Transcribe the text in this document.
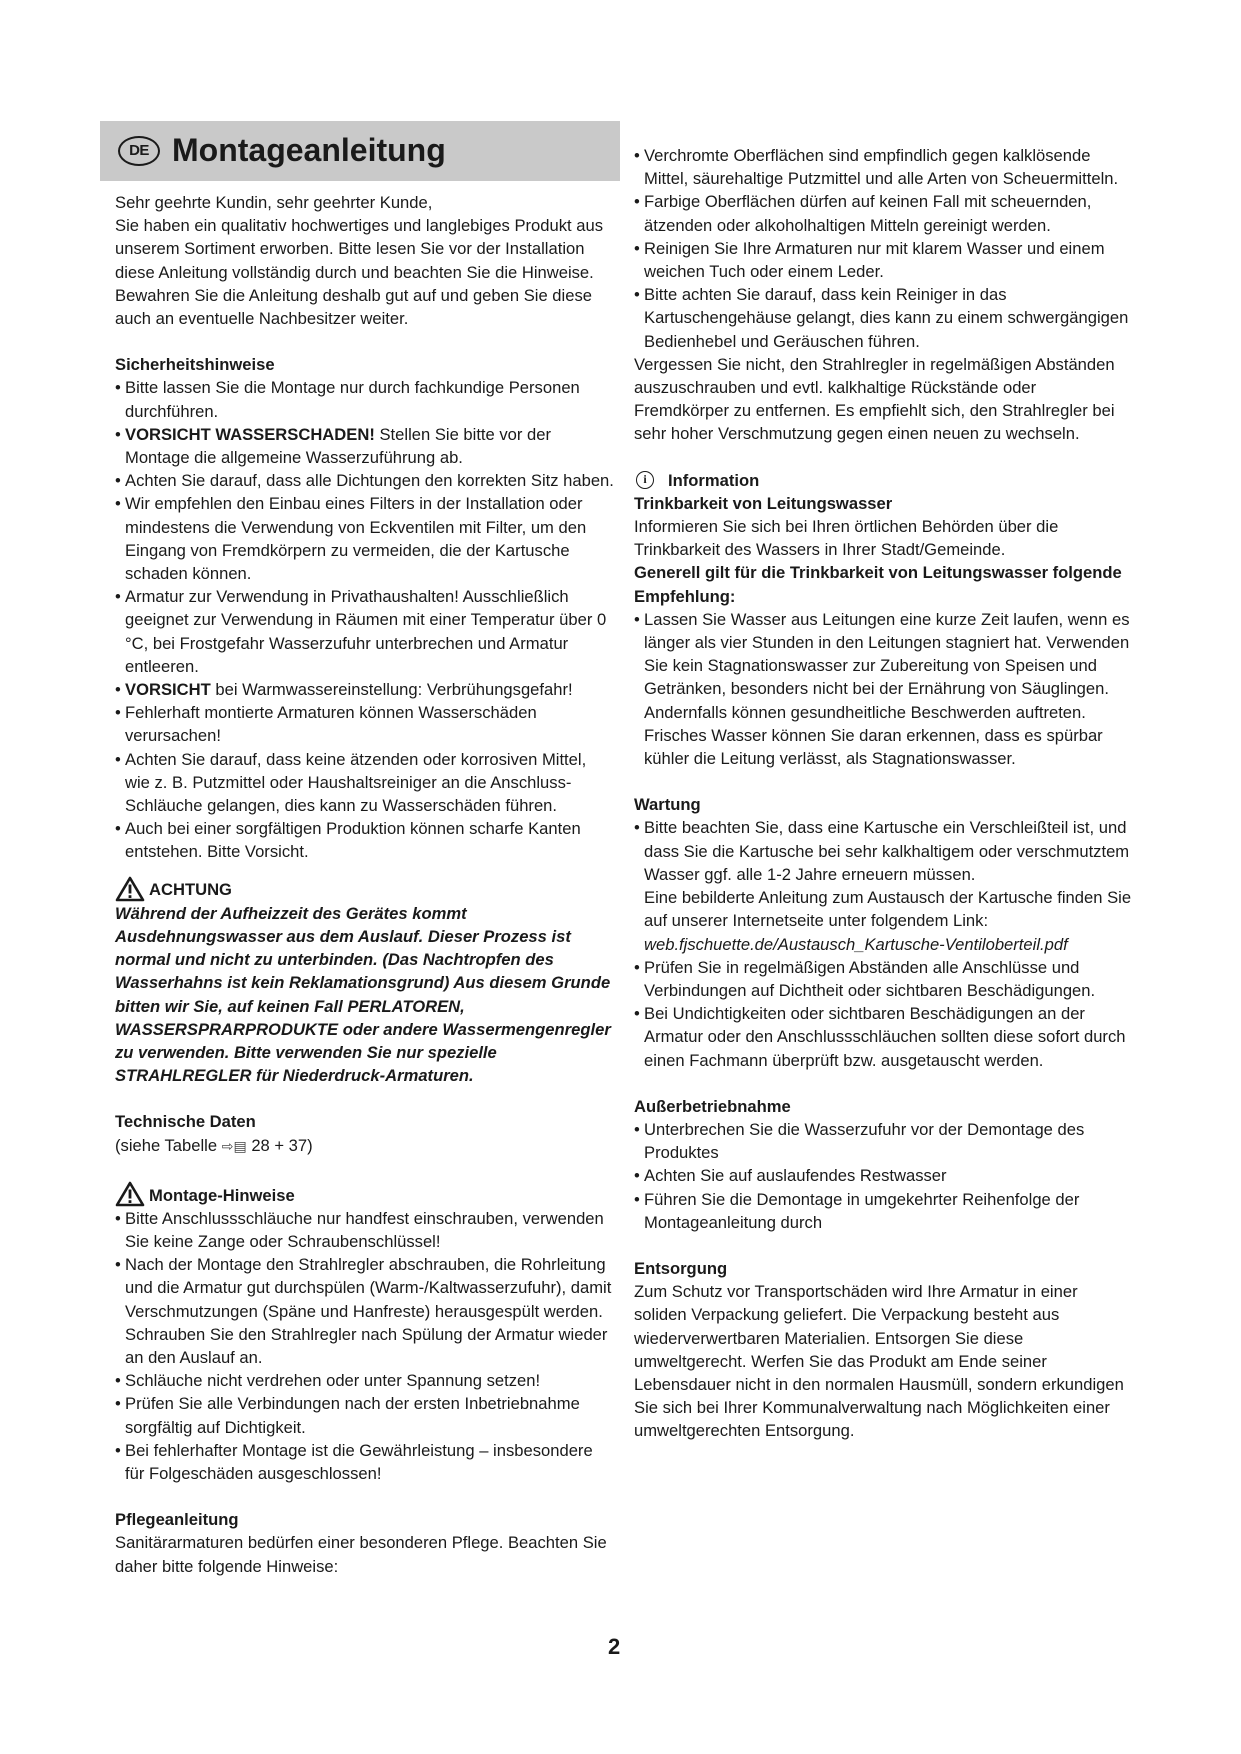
DE Montageanleitung

Sehr geehrte Kundin, sehr geehrter Kunde,

Sie haben ein qualitativ hochwertiges und langlebiges Produkt aus unserem Sortiment erworben. Bitte lesen Sie vor der Installation diese Anleitung vollständig durch und beachten Sie die Hinweise.

Bewahren Sie die Anleitung deshalb gut auf und geben Sie diese auch an eventuelle Nachbesitzer weiter.

Sicherheitshinweise

• Bitte lassen Sie die Montage nur durch fachkundige Personen durchführen.
• VORSICHT WASSERSCHADEN! Stellen Sie bitte vor der Montage die allgemeine Wasserzuführung ab.
• Achten Sie darauf, dass alle Dichtungen den korrekten Sitz haben.
• Wir empfehlen den Einbau eines Filters in der Installation oder mindestens die Verwendung von Eckventilen mit Filter, um den Eingang von Fremdkörpern zu vermeiden, die der Kartusche schaden können.
• Armatur zur Verwendung in Privathaushalten! Ausschließlich geeignet zur Verwendung in Räumen mit einer Temperatur über 0 °C, bei Frostgefahr Wasserzufuhr unterbrechen und Armatur entleeren.
• VORSICHT bei Warmwassereinstellung: Verbrühungsgefahr!
• Fehlerhaft montierte Armaturen können Wasserschäden verursachen!
• Achten Sie darauf, dass keine ätzenden oder korrosiven Mittel, wie z. B. Putzmittel oder Haushaltsreiniger an die Anschluss-Schläuche gelangen, dies kann zu Wasserschäden führen.
• Auch bei einer sorgfältigen Produktion können scharfe Kanten entstehen. Bitte Vorsicht.
ACHTUNG

Während der Aufheizzeit des Gerätes kommt Ausdehnungswasser aus dem Auslauf. Dieser Prozess ist normal und nicht zu unterbinden. (Das Nachtropfen des Wasserhahns ist kein Reklamationsgrund) Aus diesem Grunde bitten wir Sie, auf keinen Fall PERLATOREN, WASSERSPRARPRODUKTE oder andere Wassermengenregler zu verwenden. Bitte verwenden Sie nur spezielle STRAHLREGLER für Niederdruck-Armaturen.

Technische Daten

(siehe Tabelle ⇨▤ 28 + 37)

Montage-Hinweise
• Bitte Anschlussschläuche nur handfest einschrauben, verwenden Sie keine Zange oder Schraubenschlüssel!
• Nach der Montage den Strahlregler abschrauben, die Rohrleitung und die Armatur gut durchspülen (Warm-/Kaltwasserzufuhr), damit Verschmutzungen (Späne und Hanfreste) herausgespült werden. Schrauben Sie den Strahlregler nach Spülung der Armatur wieder an den Auslauf an.
• Schläuche nicht verdrehen oder unter Spannung setzen!
• Prüfen Sie alle Verbindungen nach der ersten Inbetriebnahme sorgfältig auf Dichtigkeit.
• Bei fehlerhafter Montage ist die Gewährleistung – insbesondere für Folgeschäden ausgeschlossen!

Pflegeanleitung

Sanitärarmaturen bedürfen einer besonderen Pflege. Beachten Sie daher bitte folgende Hinweise:

• Verchromte Oberflächen sind empfindlich gegen kalklösende Mittel, säurehaltige Putzmittel und alle Arten von Scheuermitteln.
• Farbige Oberflächen dürfen auf keinen Fall mit scheuernden, ätzenden oder alkoholhaltigen Mitteln gereinigt werden.
• Reinigen Sie Ihre Armaturen nur mit klarem Wasser und einem weichen Tuch oder einem Leder.
• Bitte achten Sie darauf, dass kein Reiniger in das Kartuschengehäuse gelangt, dies kann zu einem schwergängigen Bedienhebel und Geräuschen führen.

Vergessen Sie nicht, den Strahlregler in regelmäßigen Abständen auszuschrauben und evtl. kalkhaltige Rückstände oder Fremdkörper zu entfernen. Es empfiehlt sich, den Strahlregler bei sehr hoher Verschmutzung gegen einen neuen zu wechseln.

i	Information

Trinkbarkeit von Leitungswasser

Informieren Sie sich bei Ihren örtlichen Behörden über die Trinkbarkeit des Wassers in Ihrer Stadt/Gemeinde.

Generell gilt für die Trinkbarkeit von Leitungswasser folgende Empfehlung:

• Lassen Sie Wasser aus Leitungen eine kurze Zeit laufen, wenn es länger als vier Stunden in den Leitungen stagniert hat. Verwenden Sie kein Stagnationswasser zur Zubereitung von Speisen und Getränken, besonders nicht bei der Ernährung von Säuglingen. Andernfalls können gesundheitliche Beschwerden auftreten. Frisches Wasser können Sie daran erkennen, dass es spürbar kühler die Leitung verlässt, als Stagnationswasser.

Wartung

• Bitte beachten Sie, dass eine Kartusche ein Verschleißteil ist, und dass Sie die Kartusche bei sehr kalkhaltigem oder verschmutztem Wasser ggf. alle 1-2 Jahre erneuern müssen.
Eine bebilderte Anleitung zum Austausch der Kartusche finden Sie auf unserer Internetseite unter folgendem Link:
web.fjschuette.de/Austausch_Kartusche-Ventiloberteil.pdf
• Prüfen Sie in regelmäßigen Abständen alle Anschlüsse und Verbindungen auf Dichtheit oder sichtbaren Beschädigungen.
• Bei Undichtigkeiten oder sichtbaren Beschädigungen an der Armatur oder den Anschlussschläuchen sollten diese sofort durch einen Fachmann überprüft bzw. ausgetauscht werden.

Außerbetriebnahme

• Unterbrechen Sie die Wasserzufuhr vor der Demontage des Produktes
• Achten Sie auf auslaufendes Restwasser
• Führen Sie die Demontage in umgekehrter Reihenfolge der Montageanleitung durch

Entsorgung

Zum Schutz vor Transportschäden wird Ihre Armatur in einer soliden Verpackung geliefert. Die Verpackung besteht aus wiederverwertbaren Materialien. Entsorgen Sie diese umweltgerecht. Werfen Sie das Produkt am Ende seiner Lebensdauer nicht in den normalen Hausmüll, sondern erkundigen Sie sich bei Ihrer Kommunalverwaltung nach Möglichkeiten einer umweltgerechten Entsorgung.

2
